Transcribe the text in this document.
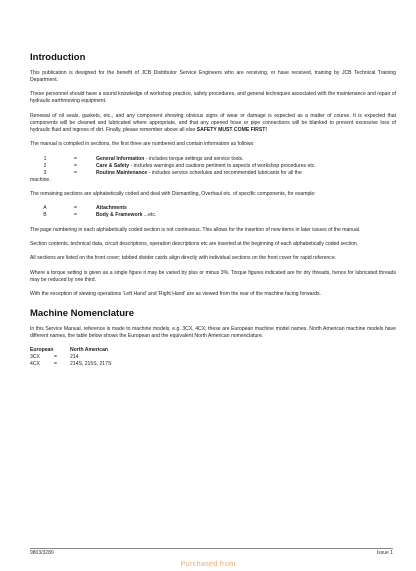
Introduction

This publication is designed for the benefit of JCB Distributor Service Engineers who are receiving, or have received, training by JCB Technical Training Department.

These personnel should have a sound knowledge of workshop practice, safety procedures, and general techniques associated with the maintenance and repair of hydraulic earthmoving equipment.

Renewal of oil seals, gaskets, etc., and any component showing obvious signs of wear or damage is expected as a matter of course. It is expected that components will be cleaned and lubricated where appropriate, and that any opened hose or pipe connections will be blanked to prevent excessive loss of hydraulic fluid and ingress of dirt. Finally, please remember above all else SAFETY MUST COME FIRST!

The manual is compiled in sections, the first three are numbered and contain information as follows:

1	=	General Information - includes torque settings and service tools.
2	=	Care & Safety - includes warnings and cautions pertinent to aspects of workshop procedures etc.
3	=	Routine Maintenance - includes service schedules and recommended lubricants for all the
machine.

The remaining sections are alphabetically coded and deal with Dismantling, Overhaul etc. of specific components, for example:

A	=	Attachments
B	=	Body & Framework ...etc.

The page numbering in each alphabetically coded section is not continuous. This allows for the insertion of new items in later issues of the manual.

Section contents, technical data, circuit descriptions, operation descriptions etc are inserted at the beginning of each alphabetically coded section.

All sections are listed on the front cover; tabbed divider cards align directly with individual sections on the front cover for rapid reference.

Where a torque setting is given as a single figure it may be varied by plus or minus 3%. Torque figures indicated are for dry threads, hence for lubricated threads may be reduced by one third.

With the exception of slewing operations 'Left Hand' and 'Right Hand' are as viewed from the rear of the machine facing forwards.

Machine Nomenclature

In this Service Manual, reference is made to machine models, e.g. 3CX, 4CX, these are European machine model names. North American machine models have different names, the table below shows the European and the equivalent North American nomenclature.

European	North American
3CX	=	214
4CX	=	214S, 215S, 217S
9803/3280	Issue 1
Purchased from
